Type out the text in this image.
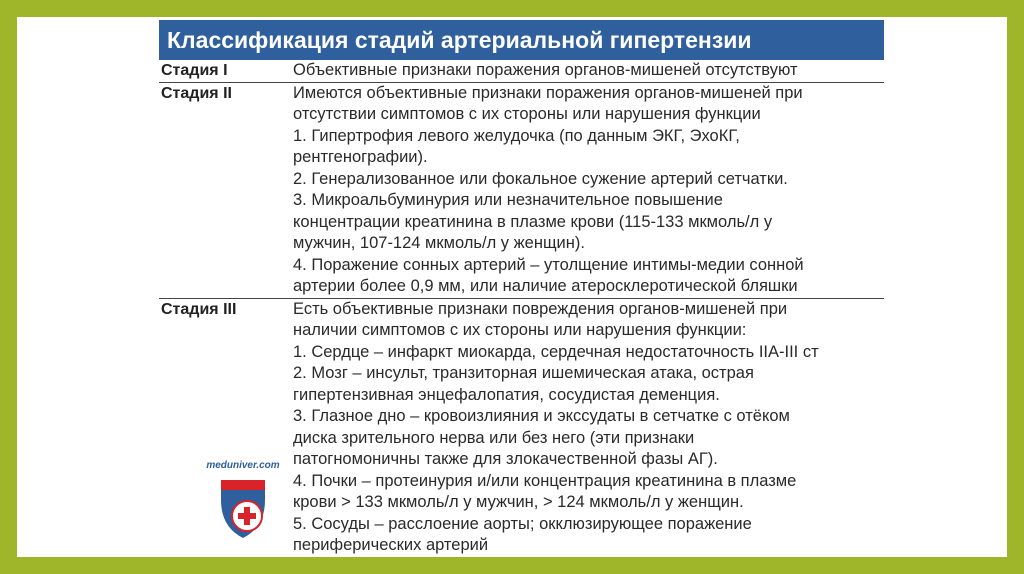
Классификация стадий артериальной гипертензии
Стадия I	Объективные признаки поражения органов-мишеней отсутствуют
Стадия II	Имеются объективные признаки поражения органов-мишеней при
отсутствии симптомов с их стороны или нарушения функции
1. Гипертрофия левого желудочка (по данным ЭКГ, ЭхоКГ,
рентгенографии).
2. Генерализованное или фокальное сужение артерий сетчатки.
3. Микроальбуминурия или незначительное повышение
концентрации креатинина в плазме крови (115-133 мкмоль/л у
мужчин, 107-124 мкмоль/л у женщин).
4. Поражение сонных артерий – утолщение интимы-медии сонной
артерии более 0,9 мм, или наличие атеросклеротической бляшки
Стадия III	Есть объективные признаки повреждения органов-мишеней при
наличии симптомов с их стороны или нарушения функции:
1. Сердце – инфаркт миокарда, сердечная недостаточность IIA-III ст
2. Мозг – инсульт, транзиторная ишемическая атака, острая
гипертензивная энцефалопатия, сосудистая деменция.
3. Глазное дно – кровоизлияния и экссудаты в сетчатке с отёком
диска зрительного нерва или без него (эти признаки
патогномоничны также для злокачественной фазы АГ).
4. Почки – протеинурия и/или концентрация креатинина в плазме
крови > 133 мкмоль/л у мужчин, > 124 мкмоль/л у женщин.
5. Сосуды – расслоение аорты; окклюзирующее поражение
периферических артерий
meduniver.com
